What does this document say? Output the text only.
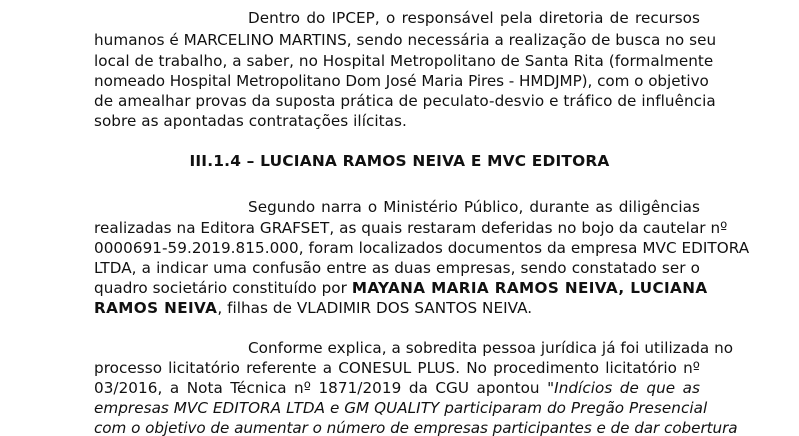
Dentro do IPCEP, o responsável pela diretoria de recursos
humanos é MARCELINO MARTINS, sendo necessária a realização de busca no seu
local de trabalho, a saber, no Hospital Metropolitano de Santa Rita (formalmente
nomeado Hospital Metropolitano Dom José Maria Pires - HMDJMP), com o objetivo
de amealhar provas da suposta prática de peculato-desvio e tráfico de influência
sobre as apontadas contratações ilícitas.
III.1.4 – LUCIANA RAMOS NEIVA E MVC EDITORA
Segundo narra o Ministério Público, durante as diligências
realizadas na Editora GRAFSET, as quais restaram deferidas no bojo da cautelar nº
0000691-59.2019.815.000, foram localizados documentos da empresa MVC EDITORA
LTDA, a indicar uma confusão entre as duas empresas, sendo constatado ser o
quadro societário constituído por MAYANA MARIA RAMOS NEIVA, LUCIANA
RAMOS NEIVA, filhas de VLADIMIR DOS SANTOS NEIVA.
Conforme explica, a sobredita pessoa jurídica já foi utilizada no
processo licitatório referente a CONESUL PLUS. No procedimento licitatório nº
03/2016, a Nota Técnica nº 1871/2019 da CGU apontou "Indícios de que as
empresas MVC EDITORA LTDA e GM QUALITY participaram do Pregão Presencial
com o objetivo de aumentar o número de empresas participantes e de dar cobertura
